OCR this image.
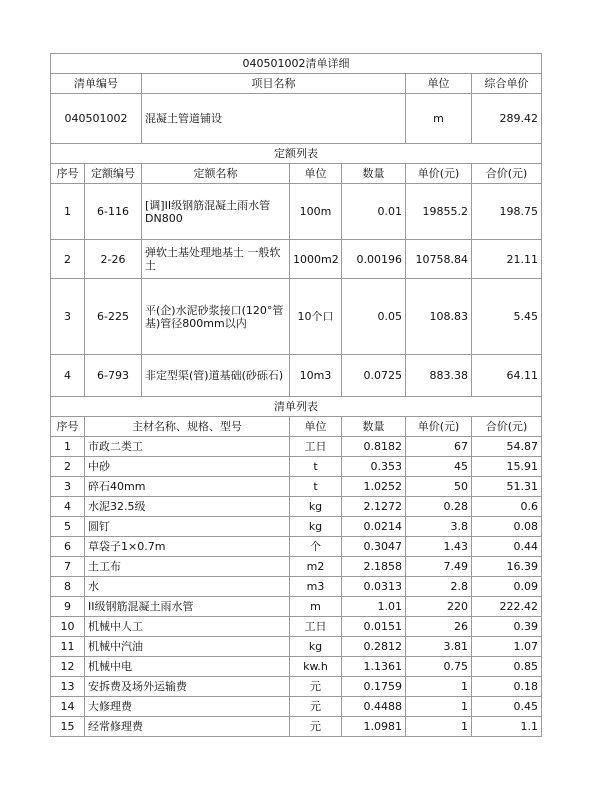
040501002清单详细						
清单编号		项目名称			单位	综合单价
040501002		混凝土管道铺设			m	289.42
定额列表						
序号	定额编号	定额名称	单位	数量	单价(元)	合价(元)
1	6-116	[调]II级钢筋混凝土雨水管DN800	100m	0.01	19855.2	198.75
2	2-26	弹软土基处理地基土 一般软土	1000m2	0.00196	10758.84	21.11
3	6-225	平(企)水泥砂浆接口(120°管基)管径800mm以内	10个口	0.05	108.83	5.45
4	6-793	非定型渠(管)道基础(砂砾石)	10m3	0.0725	883.38	64.11
清单列表						
序号	主材名称、规格、型号		单位	数量	单价(元)	合价(元)
1	市政二类工		工日	0.8182	67	54.87
2	中砂		t	0.353	45	15.91
3	碎石40mm		t	1.0252	50	51.31
4	水泥32.5级		kg	2.1272	0.28	0.6
5	圆钉		kg	0.0214	3.8	0.08
6	草袋子1×0.7m		个	0.3047	1.43	0.44
7	土工布		m2	2.1858	7.49	16.39
8	水		m3	0.0313	2.8	0.09
9	II级钢筋混凝土雨水管		m	1.01	220	222.42
10	机械中人工		工日	0.0151	26	0.39
11	机械中汽油		kg	0.2812	3.81	1.07
12	机械中电		kw.h	1.1361	0.75	0.85
13	安拆费及场外运输费		元	0.1759	1	0.18
14	大修理费		元	0.4488	1	0.45
15	经常修理费		元	1.0981	1	1.1
